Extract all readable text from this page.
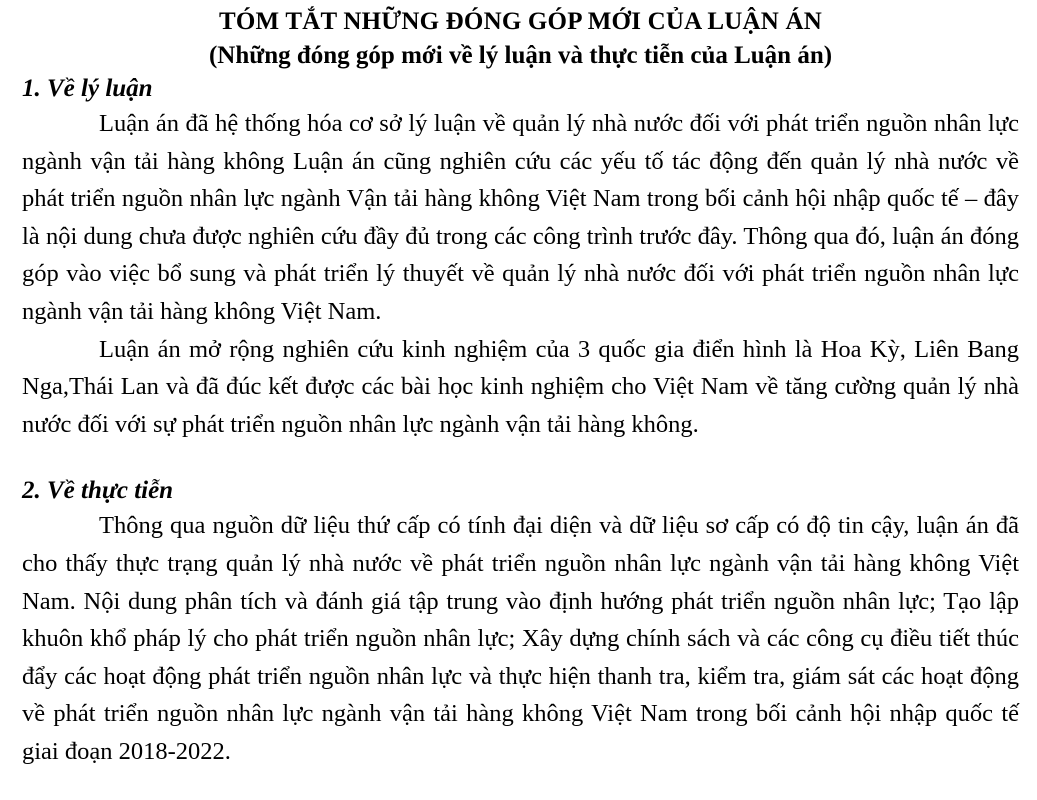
TÓM TẮT NHỮNG ĐÓNG GÓP MỚI CỦA LUẬN ÁN
(Những đóng góp mới về lý luận và thực tiễn của Luận án)
1. Về lý luận

Luận án đã hệ thống hóa cơ sở lý luận về quản lý nhà nước đối với phát triển nguồn nhân lực ngành vận tải hàng không Luận án cũng nghiên cứu các yếu tố tác động đến quản lý nhà nước về phát triển nguồn nhân lực ngành Vận tải hàng không Việt Nam trong bối cảnh hội nhập quốc tế – đây là nội dung chưa được nghiên cứu đầy đủ trong các công trình trước đây. Thông qua đó, luận án đóng góp vào việc bổ sung và phát triển lý thuyết về quản lý nhà nước đối với phát triển nguồn nhân lực ngành vận tải hàng không Việt Nam.

Luận án mở rộng nghiên cứu kinh nghiệm của 3 quốc gia điển hình là Hoa Kỳ, Liên Bang Nga,Thái Lan và đã đúc kết được các bài học kinh nghiệm cho Việt Nam về tăng cường quản lý nhà nước đối với sự phát triển nguồn nhân lực ngành vận tải hàng không.

2. Về thực tiễn

Thông qua nguồn dữ liệu thứ cấp có tính đại diện và dữ liệu sơ cấp có độ tin cậy, luận án đã cho thấy thực trạng quản lý nhà nước về phát triển nguồn nhân lực ngành vận tải hàng không Việt Nam. Nội dung phân tích và đánh giá tập trung vào định hướng phát triển nguồn nhân lực; Tạo lập khuôn khổ pháp lý cho phát triển nguồn nhân lực; Xây dựng chính sách và các công cụ điều tiết thúc đẩy các hoạt động phát triển nguồn nhân lực và thực hiện thanh tra, kiểm tra, giám sát các hoạt động về phát triển nguồn nhân lực ngành vận tải hàng không Việt Nam trong bối cảnh hội nhập quốc tế giai đoạn 2018-2022.
